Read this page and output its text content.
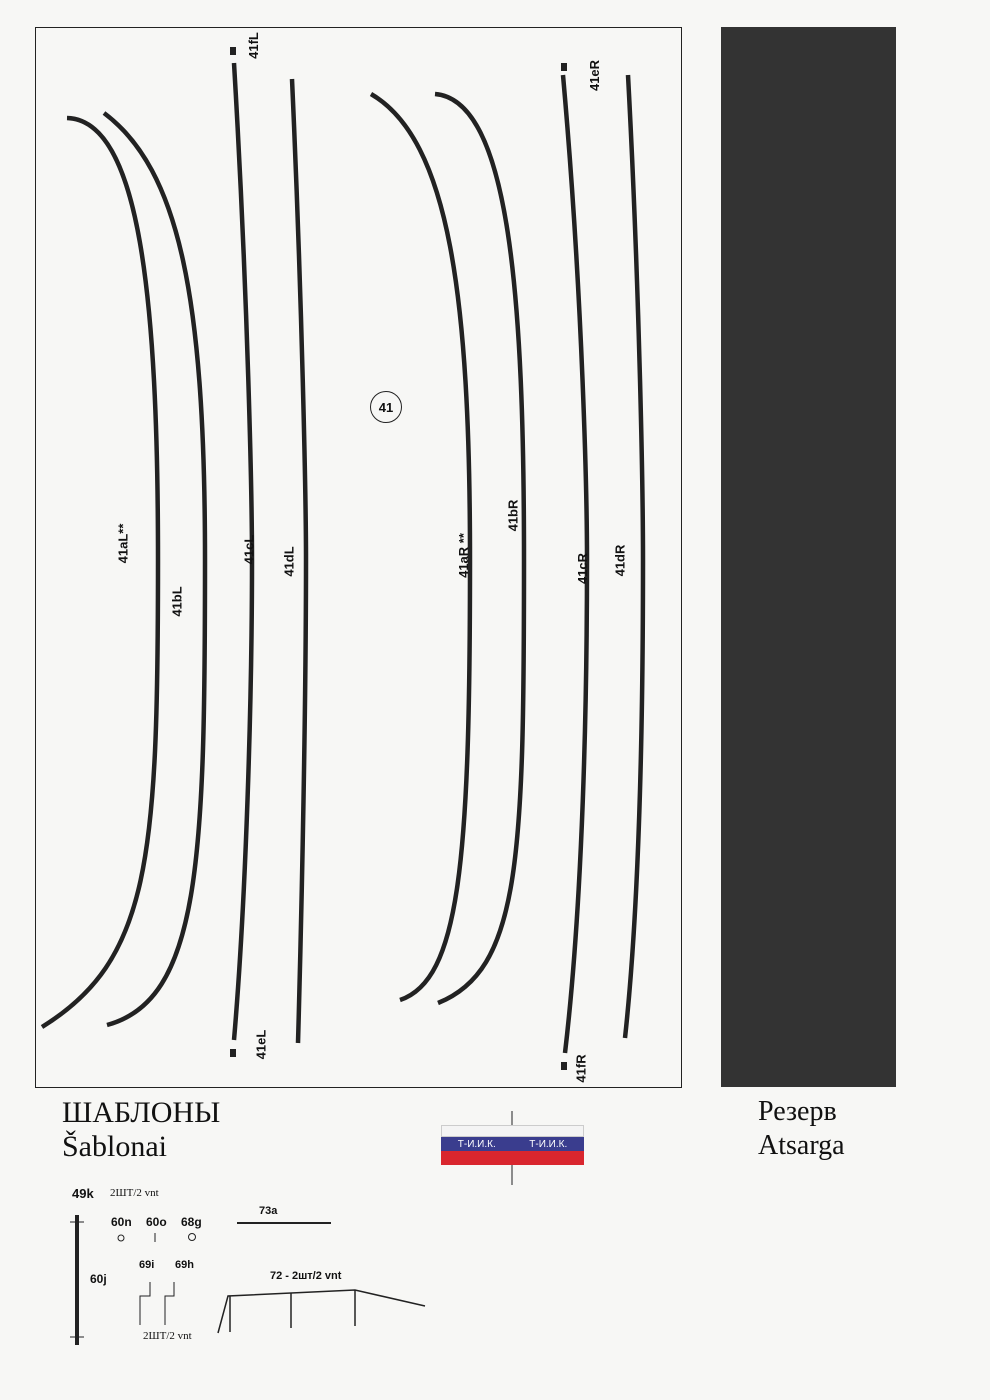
41
41aL**
41bL
41cL 41dL
41eL
41fL
41aR **
41bR
41cR 41dR
41eR
41fR
ШАБЛОНЫ
Šablonai
49k 2ШТ/2 vnt
60n 60o 68g
73a
60j
69i 69h
2ШТ/2 vnt
72 - 2шт/2 vnt
Т-И.И.К.	Т-И.И.К.
Резерв
Atsarga
